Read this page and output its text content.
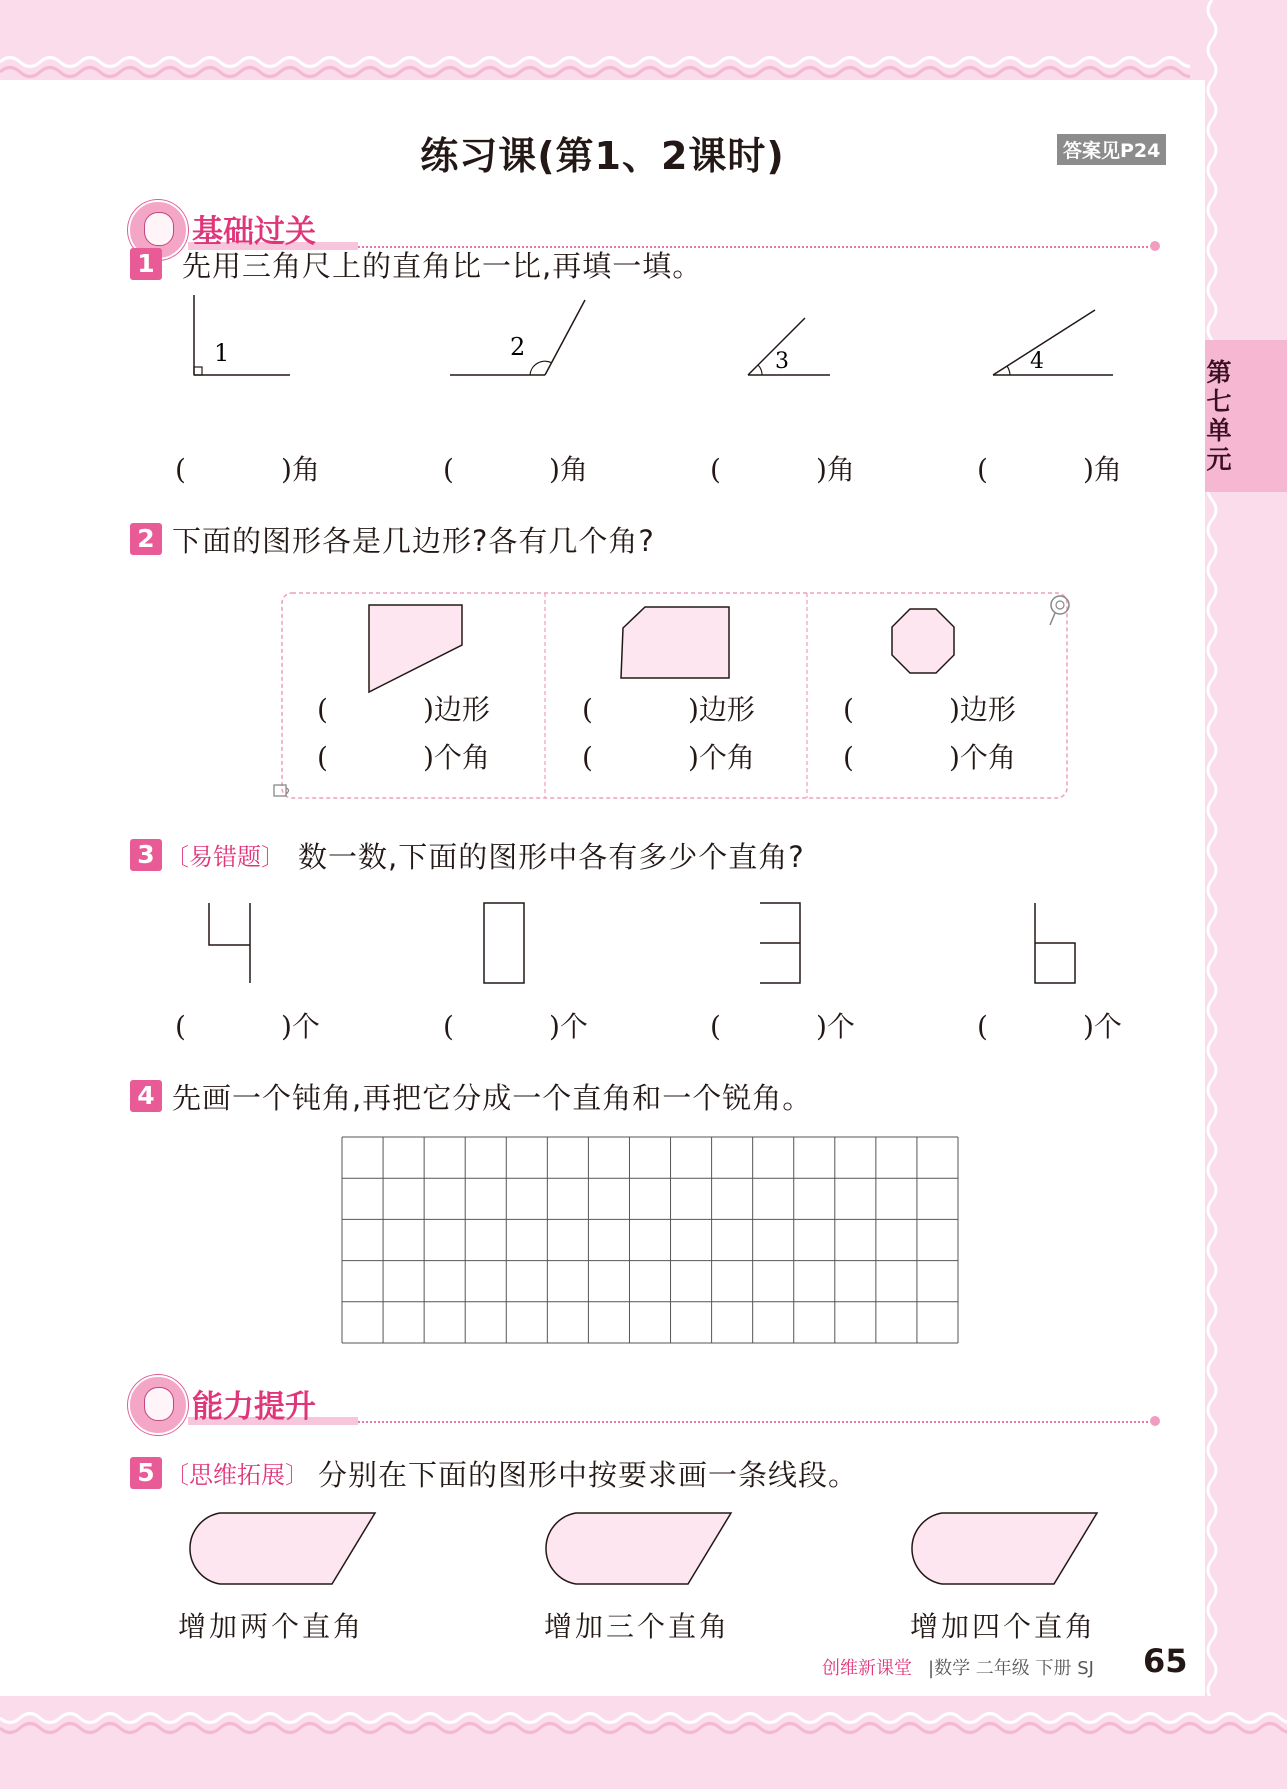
第七单元
练习课(第1、2课时)	答案见P24
基础过关
1 先用三角尺上的直角比一比,再填一填。
1	2
3	4
(	)角	(	)角	(	)角	(	)角
2 下面的图形各是几边形?各有几个角?
(	)边形
(	)个角
(	)边形
(	)个角
(	)边形
(	)个角
3 〔易错题〕 数一数,下面的图形中各有多少个直角?
(	)个	(	)个	(	)个	(	)个
4 先画一个钝角,再把它分成一个直角和一个锐角。
能力提升
5 〔思维拓展〕 分别在下面的图形中按要求画一条线段。
增加两个直角	增加三个直角	增加四个直角
创维新课堂 |数学 二年级 下册 SJ 65
